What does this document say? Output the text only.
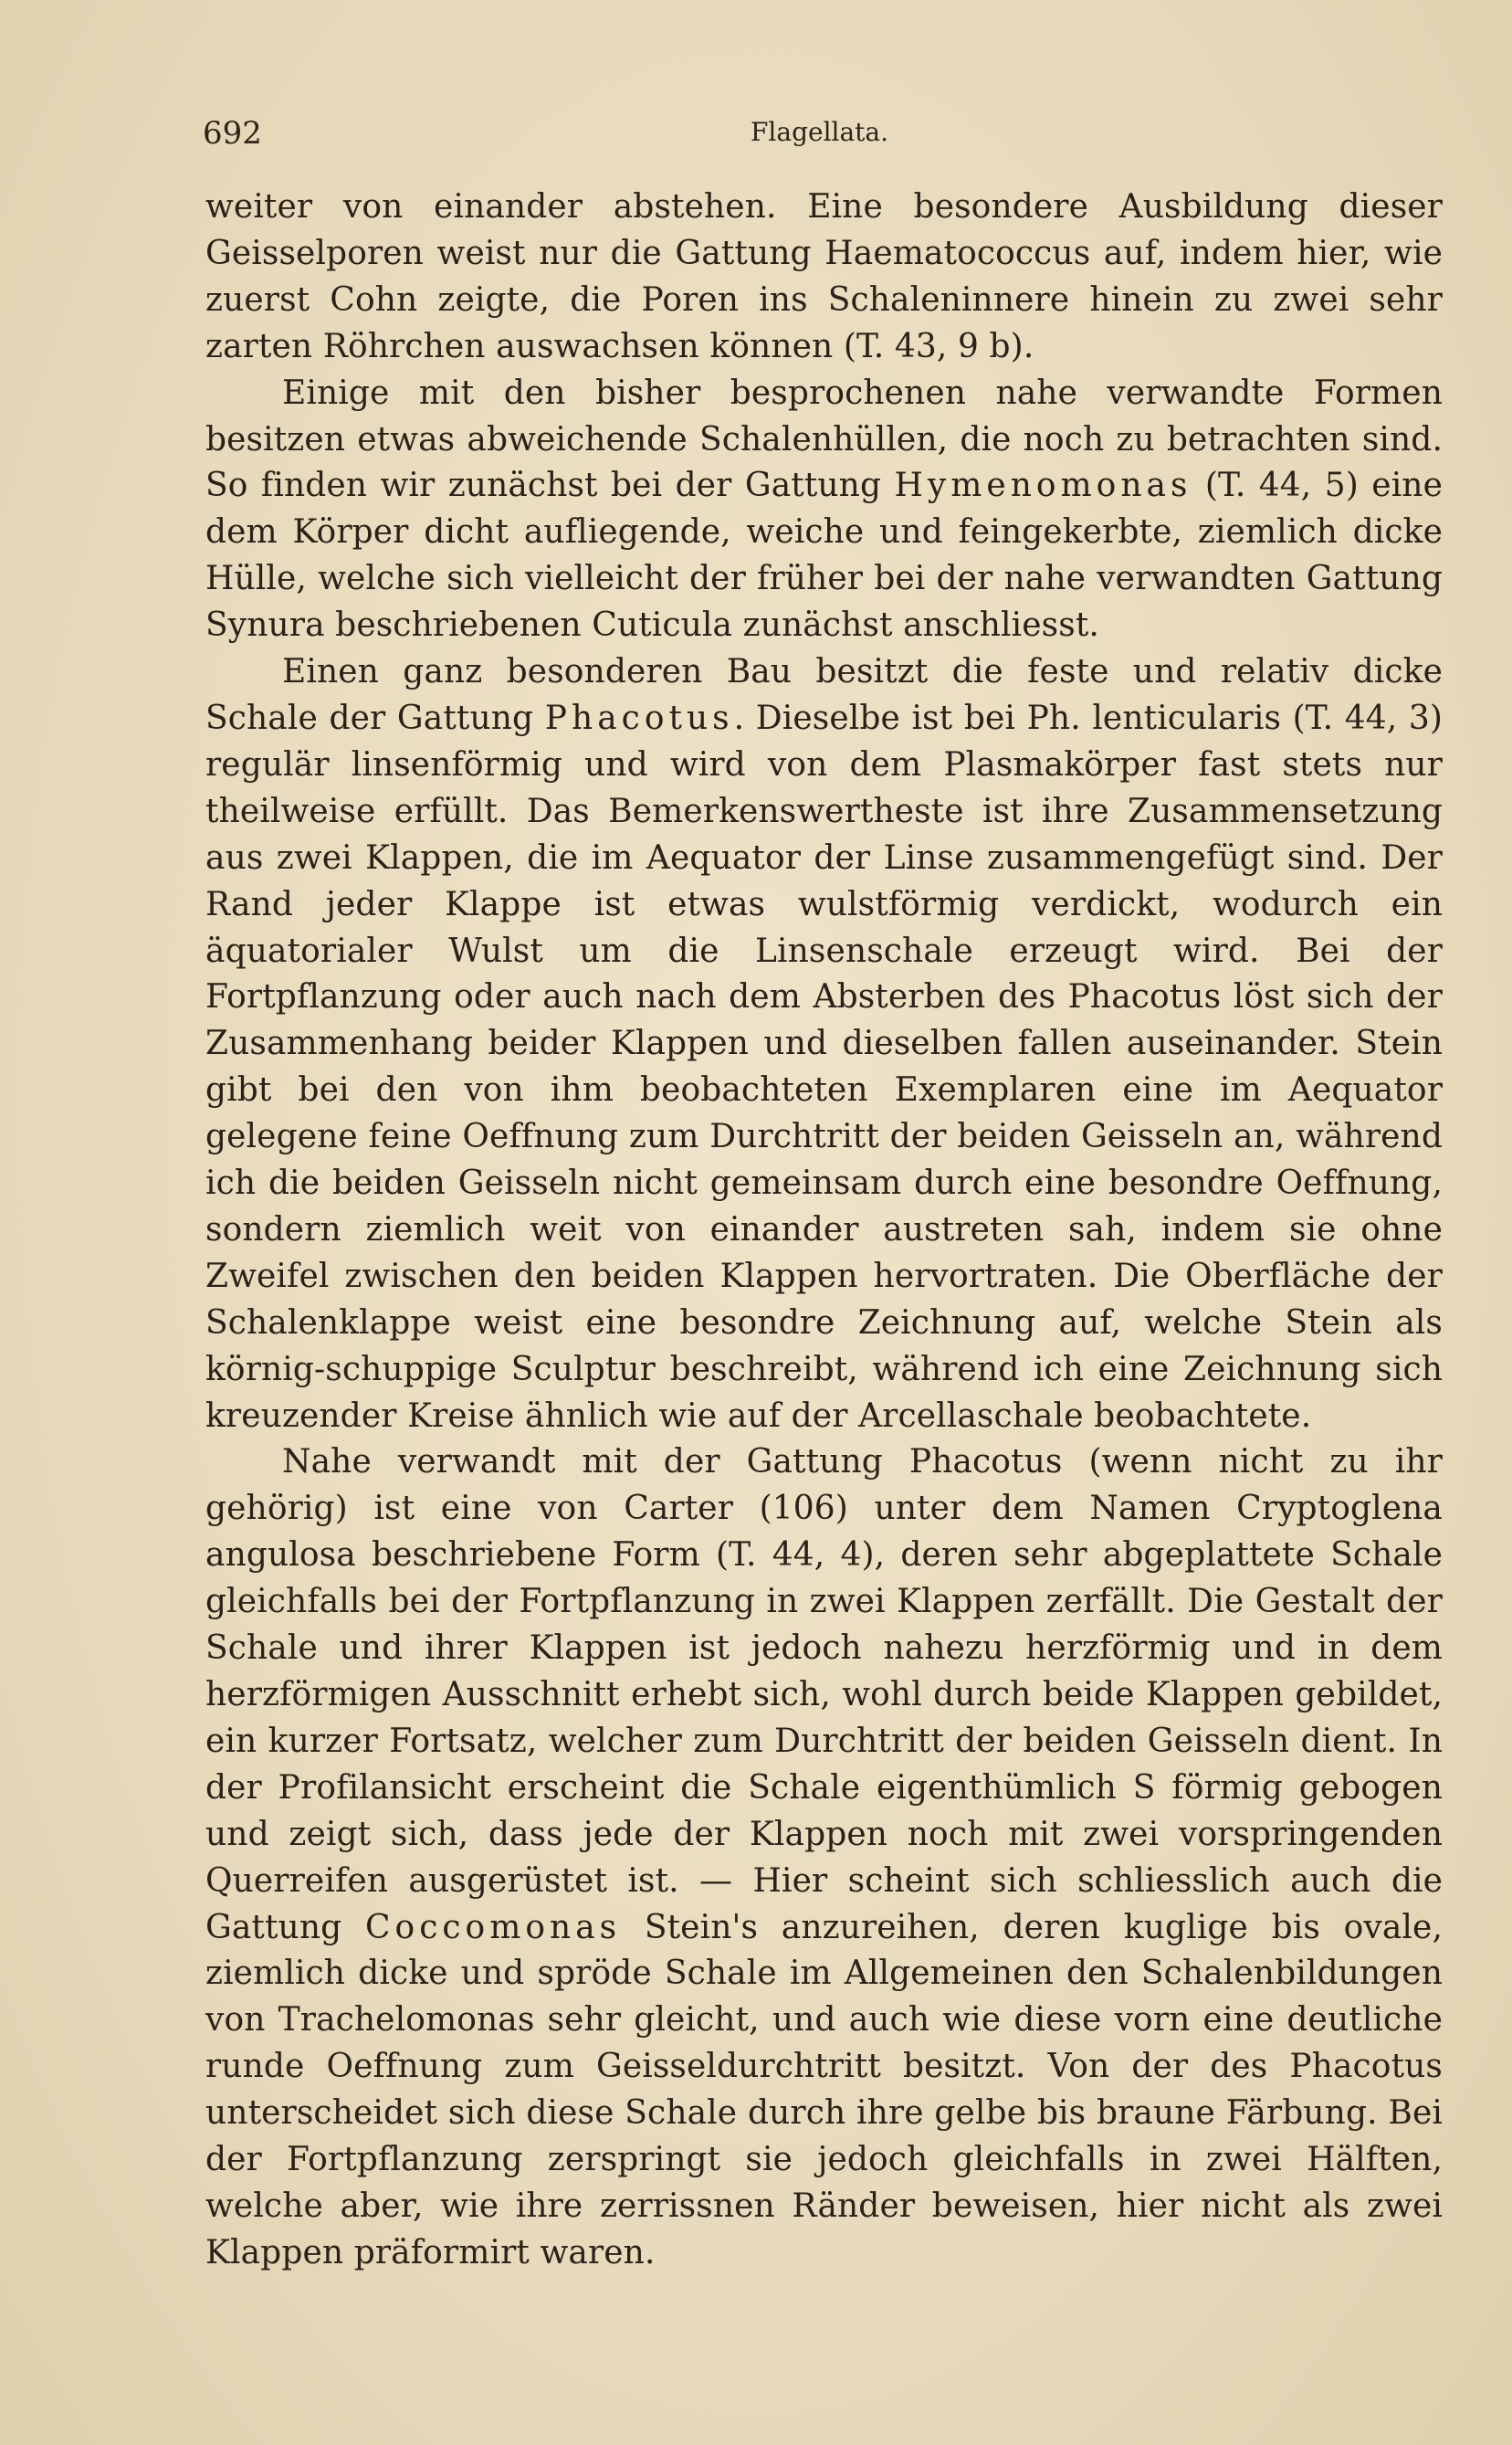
692	Flagellata.

weiter von einander abstehen. Eine besondere Ausbildung dieser Geisselporen weist nur die Gattung Haematococcus auf, indem hier, wie zuerst Cohn zeigte, die Poren ins Schaleninnere hinein zu zwei sehr zarten Röhrchen auswachsen können (T. 43, 9 b).

Einige mit den bisher besprochenen nahe verwandte Formen besitzen etwas abweichende Schalenhüllen, die noch zu betrachten sind. So finden wir zunächst bei der Gattung Hymenomonas (T. 44, 5) eine dem Körper dicht aufliegende, weiche und feingekerbte, ziemlich dicke Hülle, welche sich vielleicht der früher bei der nahe verwandten Gattung Synura beschriebenen Cuticula zunächst anschliesst.

Einen ganz besonderen Bau besitzt die feste und relativ dicke Schale der Gattung Phacotus. Dieselbe ist bei Ph. lenticularis (T. 44, 3) regulär linsenförmig und wird von dem Plasmakörper fast stets nur theilweise erfüllt. Das Bemerkenswertheste ist ihre Zusammensetzung aus zwei Klappen, die im Aequator der Linse zusammengefügt sind. Der Rand jeder Klappe ist etwas wulstförmig verdickt, wodurch ein äquatorialer Wulst um die Linsenschale erzeugt wird. Bei der Fortpflanzung oder auch nach dem Absterben des Phacotus löst sich der Zusammenhang beider Klappen und dieselben fallen auseinander. Stein gibt bei den von ihm beobachteten Exemplaren eine im Aequator gelegene feine Oeffnung zum Durchtritt der beiden Geisseln an, während ich die beiden Geisseln nicht gemeinsam durch eine besondre Oeffnung, sondern ziemlich weit von einander austreten sah, indem sie ohne Zweifel zwischen den beiden Klappen hervortraten. Die Oberfläche der Schalenklappe weist eine besondre Zeichnung auf, welche Stein als körnig-schuppige Sculptur beschreibt, während ich eine Zeichnung sich kreuzender Kreise ähnlich wie auf der Arcellaschale beobachtete.

Nahe verwandt mit der Gattung Phacotus (wenn nicht zu ihr gehörig) ist eine von Carter (106) unter dem Namen Cryptoglena angulosa beschriebene Form (T. 44, 4), deren sehr abgeplattete Schale gleichfalls bei der Fortpflanzung in zwei Klappen zerfällt. Die Gestalt der Schale und ihrer Klappen ist jedoch nahezu herzförmig und in dem herzförmigen Ausschnitt erhebt sich, wohl durch beide Klappen gebildet, ein kurzer Fortsatz, welcher zum Durchtritt der beiden Geisseln dient. In der Profilansicht erscheint die Schale eigenthümlich S förmig gebogen und zeigt sich, dass jede der Klappen noch mit zwei vorspringenden Querreifen ausgerüstet ist. — Hier scheint sich schliesslich auch die Gattung Coccomonas Stein's anzureihen, deren kuglige bis ovale, ziemlich dicke und spröde Schale im Allgemeinen den Schalenbildungen von Trachelomonas sehr gleicht, und auch wie diese vorn eine deutliche runde Oeffnung zum Geisseldurchtritt besitzt. Von der des Phacotus unterscheidet sich diese Schale durch ihre gelbe bis braune Färbung. Bei der Fortpflanzung zerspringt sie jedoch gleichfalls in zwei Hälften, welche aber, wie ihre zerrissnen Ränder beweisen, hier nicht als zwei Klappen präformirt waren.
